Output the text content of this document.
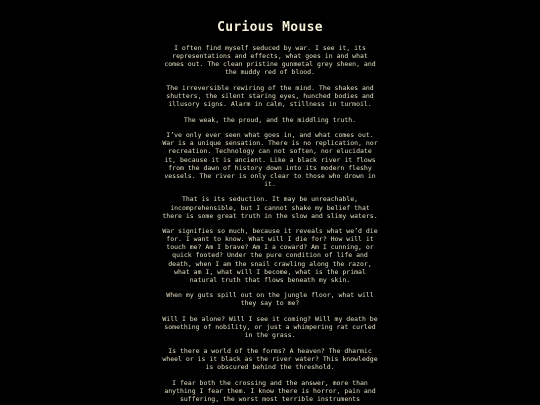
Curious Mouse

I often find myself seduced by war. I see it, its representations and effects, what goes in and what comes out. The clean pristine gunmetal grey sheen, and the muddy red of blood.

The irreversible rewiring of the mind. The shakes and shutters, the silent staring eyes, hunched bodies and illusory signs. Alarm in calm, stillness in turmoil.

The weak, the proud, and the middling truth.

I’ve only ever seen what goes in, and what comes out. War is a unique sensation. There is no replication, nor recreation. Technology can not soften, nor elucidate it, because it is ancient. Like a black river it flows from the dawn of history down into its modern fleshy vessels. The river is only clear to those who drown in it.

That is its seduction. It may be unreachable, incomprehensible, but I cannot shake my belief that there is some great truth in the slow and slimy waters.

War signifies so much, because it reveals what we’d die for. I want to know. What will I die for? How will it touch me? Am I brave? Am I a coward? Am I cunning, or quick footed? Under the pure condition of life and death, when I am the snail crawling along the razor, what am I, what will I become, what is the primal natural truth that flows beneath my skin.

When my guts spill out on the jungle floor, what will they say to me?

Will I be alone? Will I see it coming? Will my death be something of nobility, or just a whimpering rat curled in the grass.

Is there a world of the forms? A heaven? The dharmic wheel or is it black as the river water? This knowledge is obscured behind the threshold.

I fear both the crossing and the answer, more than anything I fear them. I know there is horror, pain and suffering, the worst most terrible instruments
